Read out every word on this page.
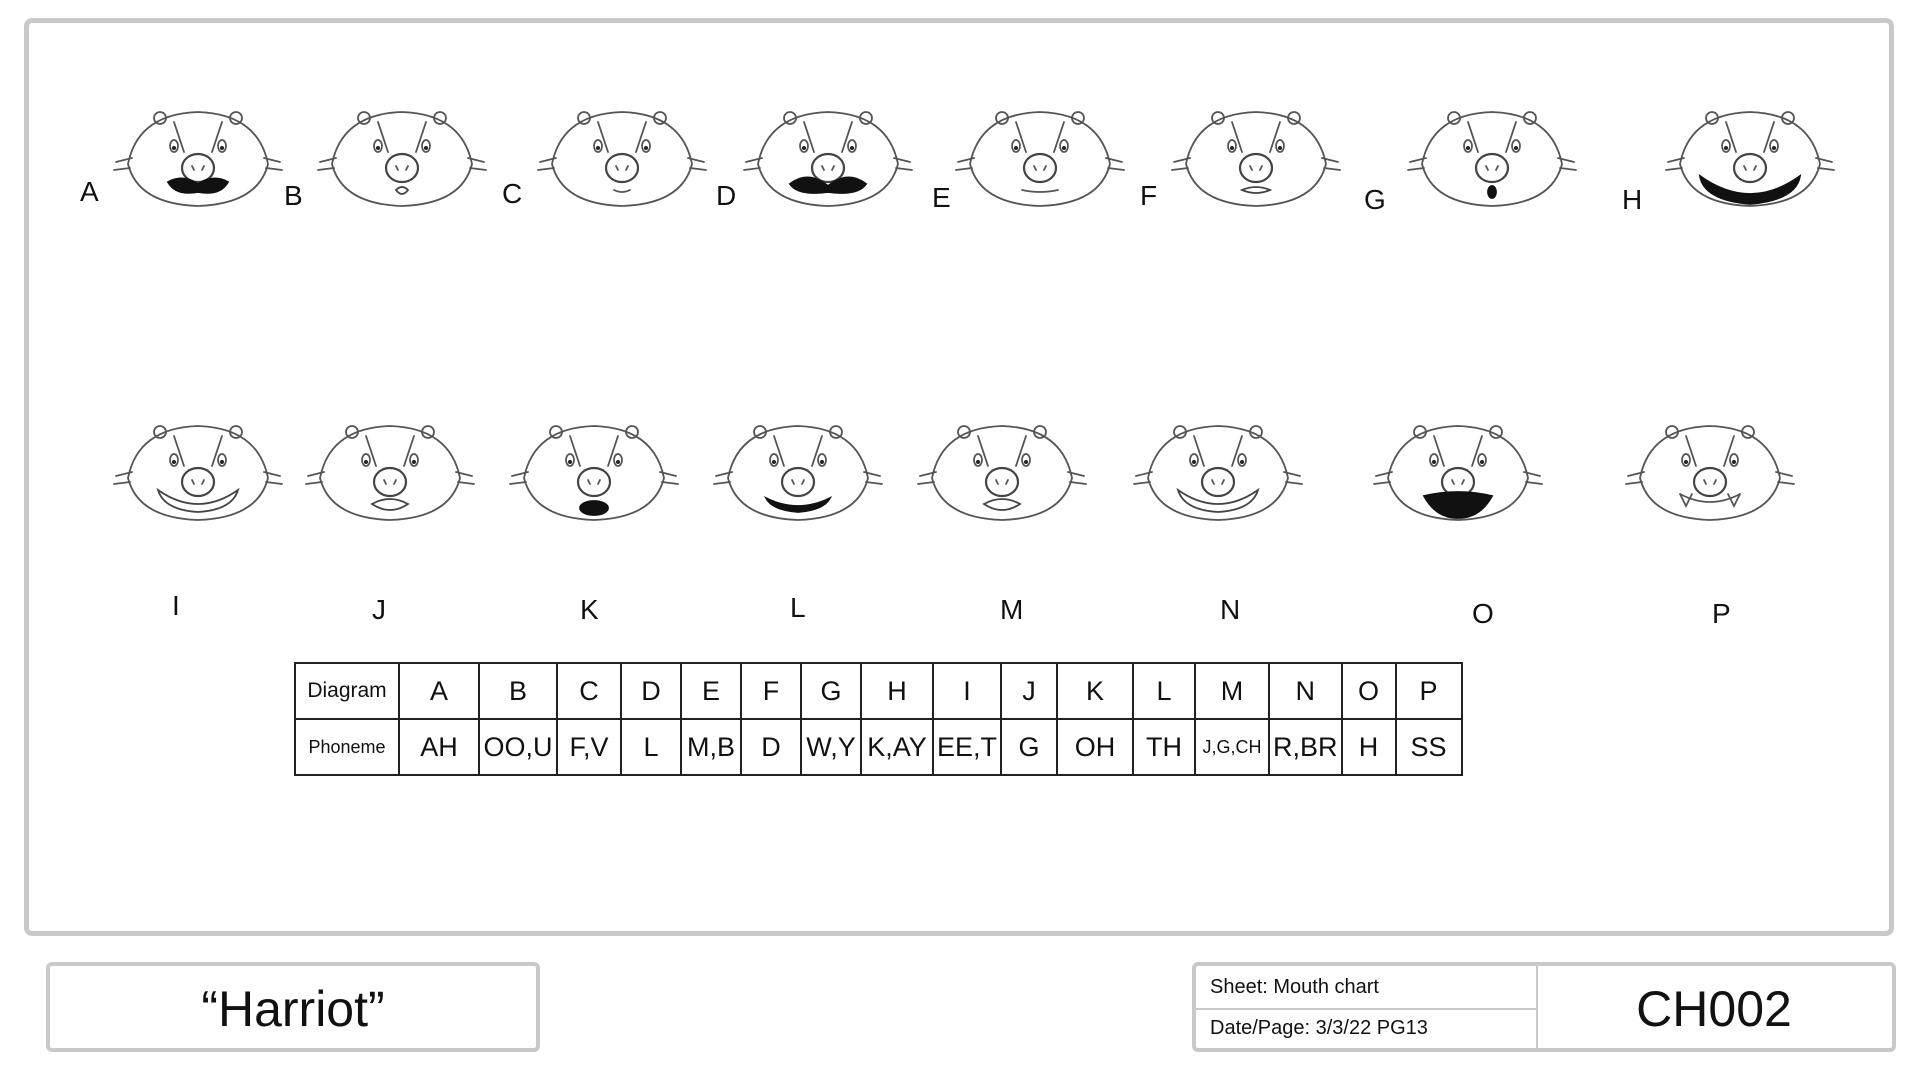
A	B	C	D	E	F	G	H
I	J	K	L	M	N	O	P
Diagram	A	B	C	D	E	F	G	H	I	J	K	L	M	N	O	P
Phoneme	AH	OO,U	F,V	L	M,B	D	W,Y	K,AY	EE,T	G	OH	TH	J,G,CH	R,BR	H	SS
“Harriot”	Sheet: Mouth chart
Date/Page: 3/3/22 PG13	CH002
